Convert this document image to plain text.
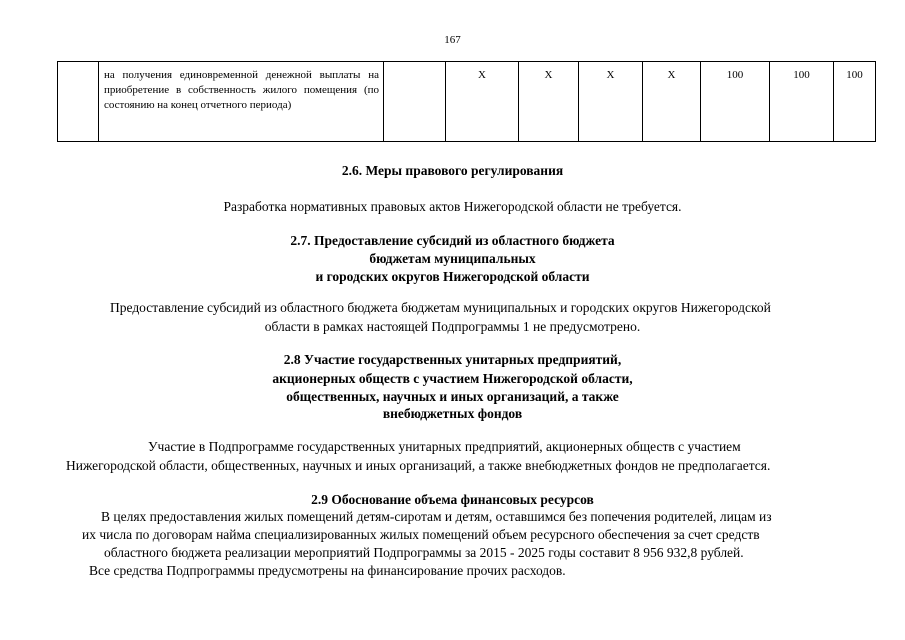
167
	на получения единовременной денежной выплаты на приобретение в собственность жилого помещения (по состоянию на конец отчетного периода)		X	X	X	X	100	100	100
2.6. Меры правового регулирования
Разработка нормативных правовых актов Нижегородской области не требуется.
2.7. Предоставление субсидий из областного бюджета
бюджетам муниципальных
и городских округов Нижегородской области
Предоставление субсидий из областного бюджета бюджетам муниципальных и городских округов Нижегородской
области в рамках настоящей Подпрограммы 1 не предусмотрено.
2.8 Участие государственных унитарных предприятий,
акционерных обществ с участием Нижегородской области,
общественных, научных и иных организаций, а также
внебюджетных фондов
Участие в Подпрограмме государственных унитарных предприятий, акционерных обществ с участием
Нижегородской области, общественных, научных и иных организаций, а также внебюджетных фондов не предполагается.
2.9 Обоснование объема финансовых ресурсов
В целях предоставления жилых помещений детям-сиротам и детям, оставшимся без попечения родителей, лицам из
их числа по договорам найма специализированных жилых помещений объем ресурсного обеспечения за счет средств
областного бюджета реализации мероприятий Подпрограммы за 2015 - 2025 годы составит 8 956 932,8 рублей.
Все средства Подпрограммы предусмотрены на финансирование прочих расходов.
